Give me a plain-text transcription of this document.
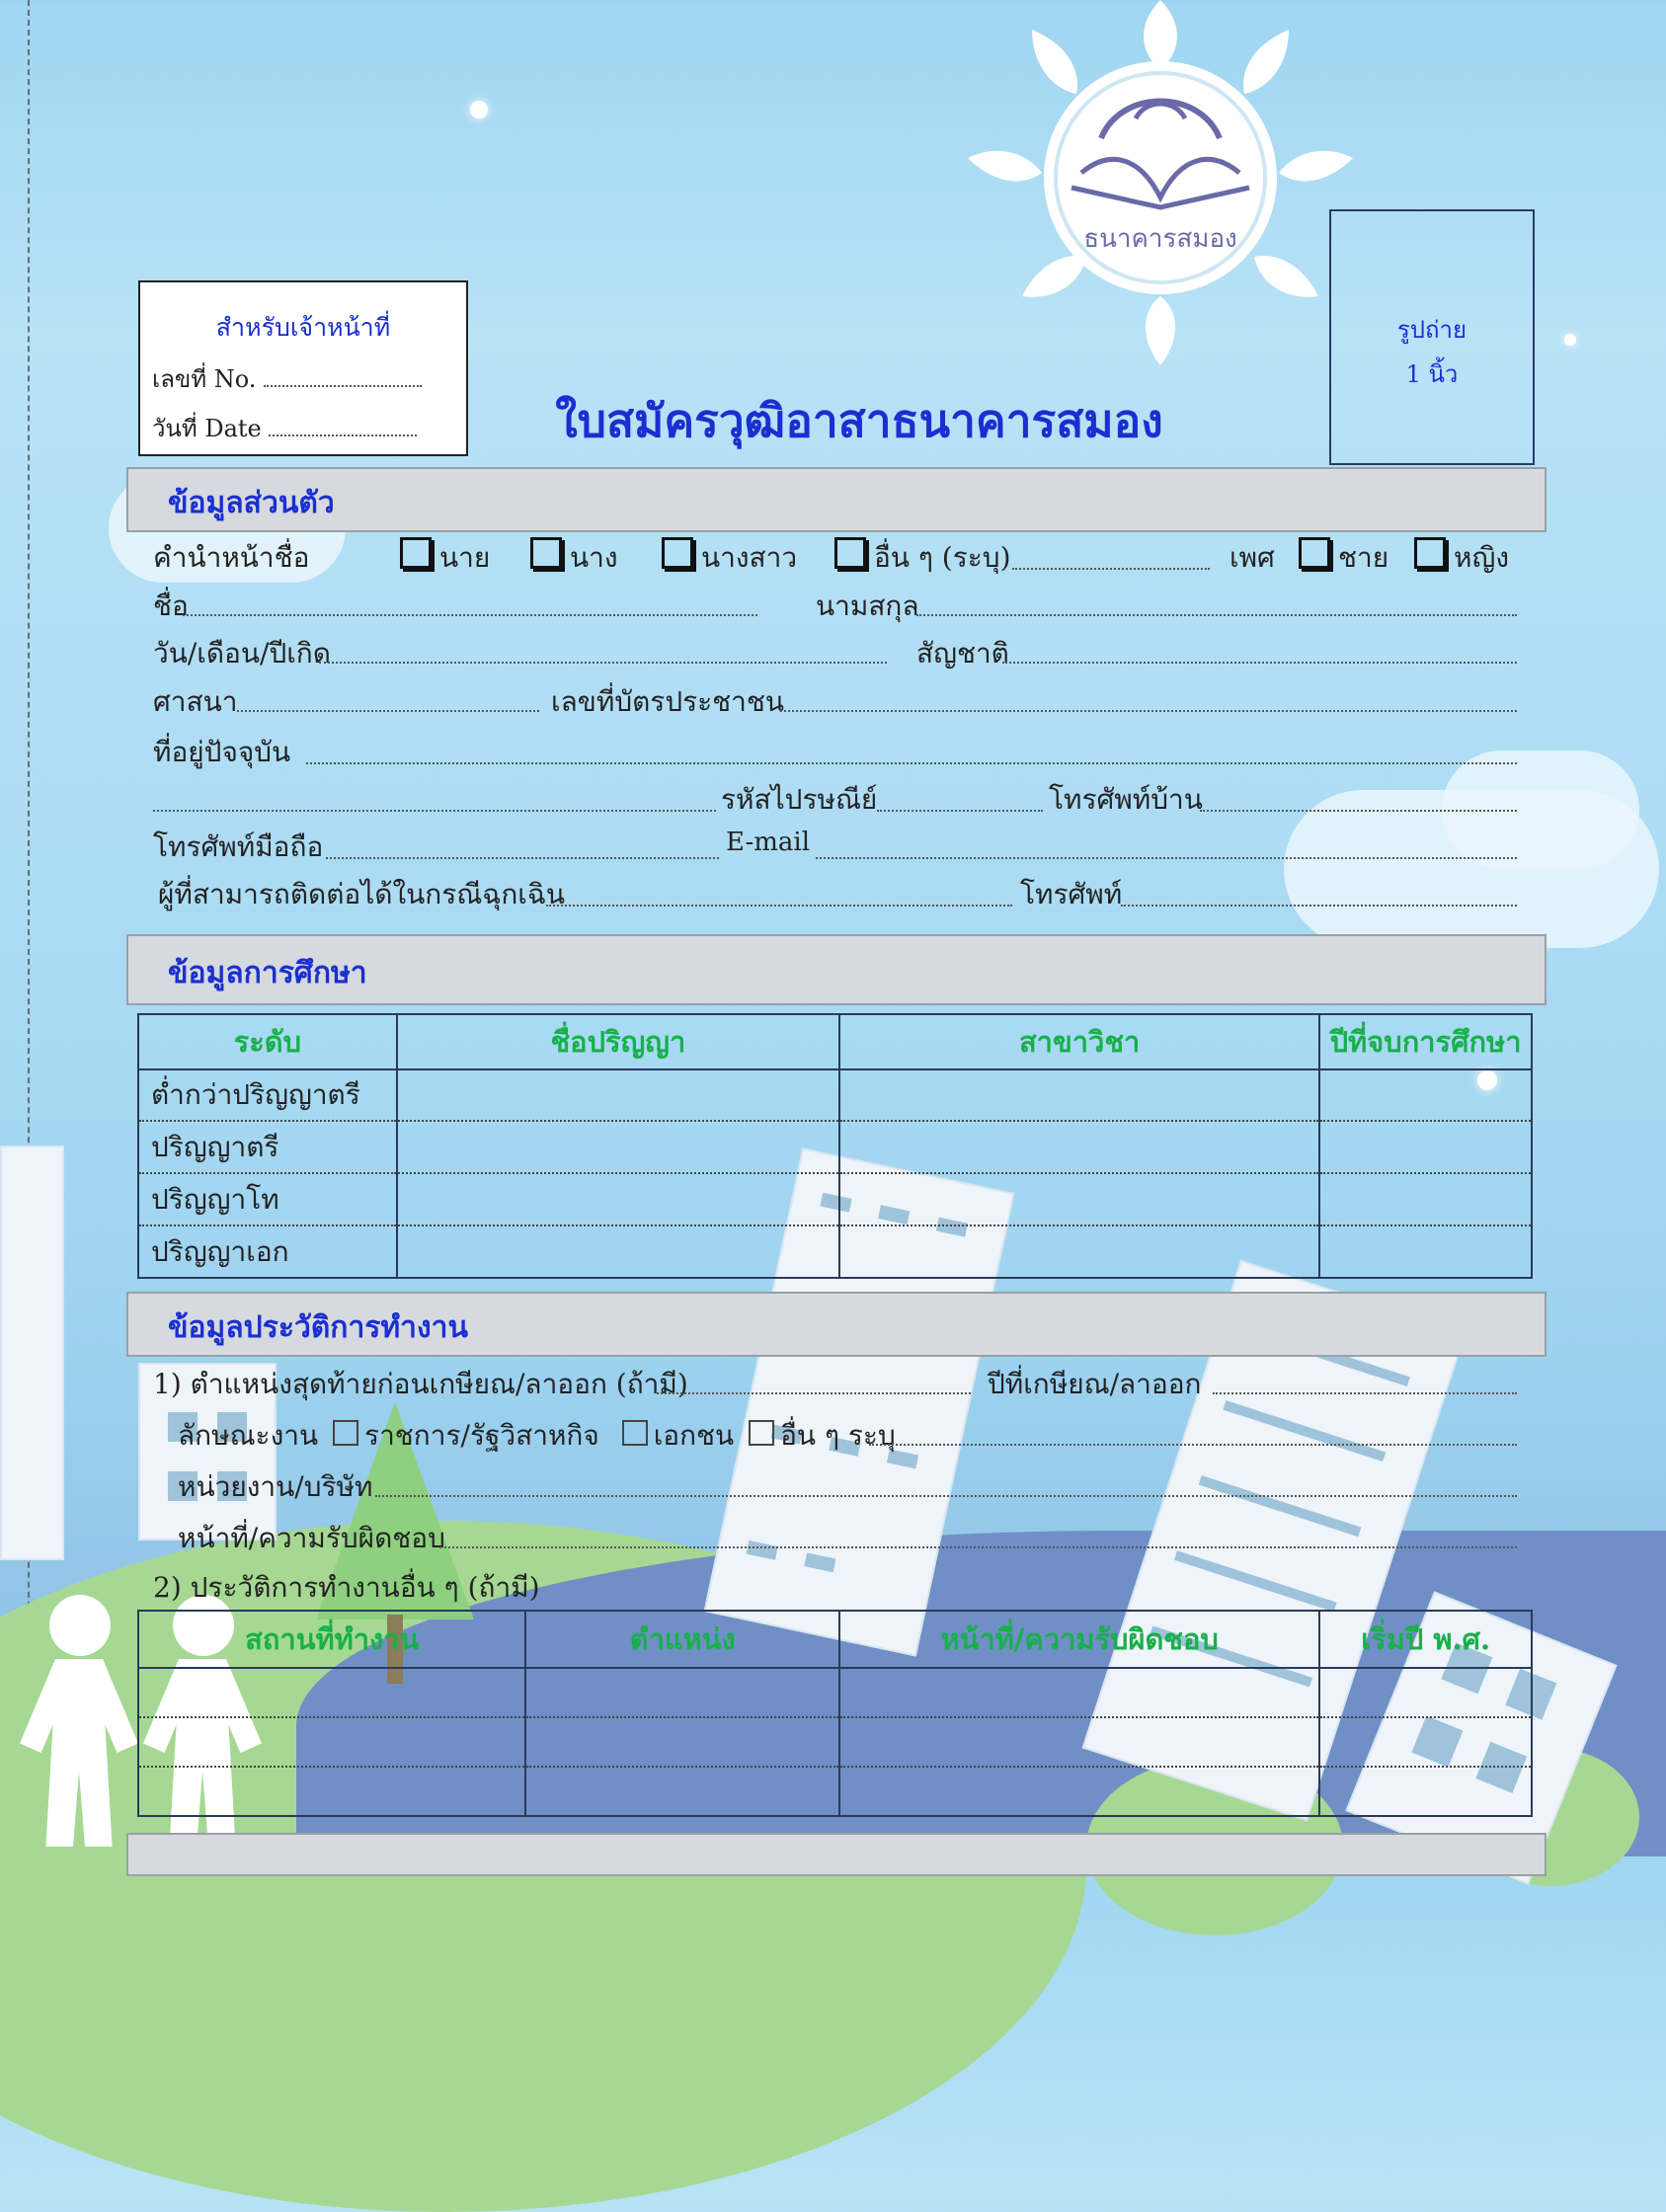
ธนาคารสมอง
สำหรับเจ้าหน้าที่
เลขที่ No.
วันที่ Date
รูปถ่าย
1 นิ้ว
ใบสมัครวุฒิอาสาธนาคารสมอง
ข้อมูลส่วนตัว
คำนำหน้าชื่อ	นาย	นาง	นางสาว	อื่น ๆ (ระบุ)	เพศ	ชาย	หญิง
ชื่อ	นามสกุล
วัน/เดือน/ปีเกิด	สัญชาติ
ศาสนา	เลขที่บัตรประชาชน
ที่อยู่ปัจจุบัน
รหัสไปรษณีย์	โทรศัพท์บ้าน
โทรศัพท์มือถือ	E-mail
ผู้ที่สามารถติดต่อได้ในกรณีฉุกเฉิน	โทรศัพท์
ข้อมูลการศึกษา
ระดับ	ชื่อปริญญา	สาขาวิชา	ปีที่จบการศึกษา
ต่ำกว่าปริญญาตรี			
ปริญญาตรี			
ปริญญาโท			
ปริญญาเอก			
ข้อมูลประวัติการทำงาน
1) ตำแหน่งสุดท้ายก่อนเกษียณ/ลาออก (ถ้ามี)	ปีที่เกษียณ/ลาออก
ลักษณะงาน ราชการ/รัฐวิสาหกิจ เอกชน อื่น ๆ ระบุ
หน่วยงาน/บริษัท
หน้าที่/ความรับผิดชอบ
2) ประวัติการทำงานอื่น ๆ (ถ้ามี)
สถานที่ทำงาน	ตำแหน่ง	หน้าที่/ความรับผิดชอบ	เริ่มปี พ.ศ.
